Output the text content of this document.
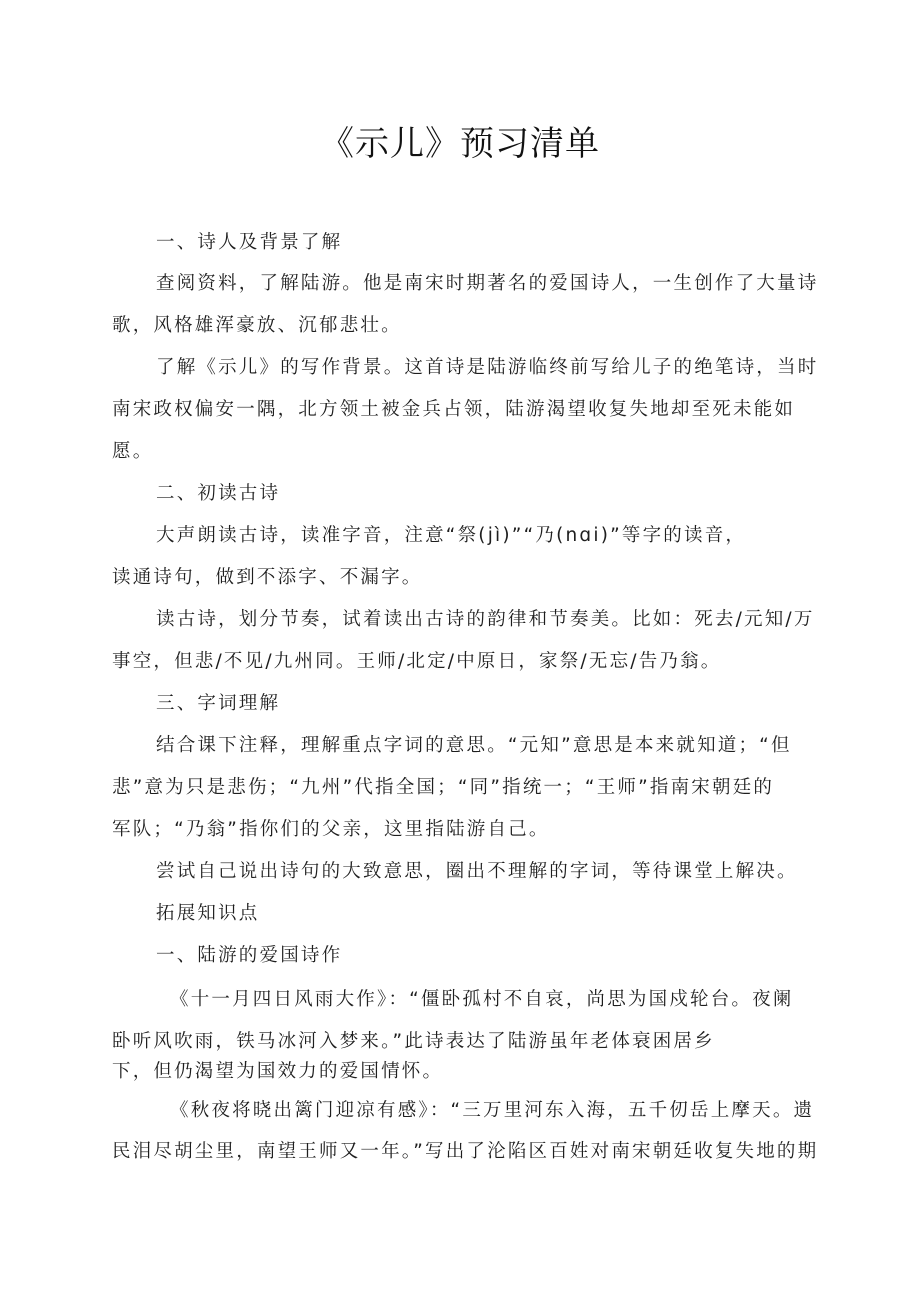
《示儿》预习清单
一、诗人及背景了解
查阅资料，了解陆游。他是南宋时期著名的爱国诗人，一生创作了大量诗
歌，风格雄浑豪放、沉郁悲壮。
了解《示儿》的写作背景。这首诗是陆游临终前写给儿子的绝笔诗，当时
南宋政权偏安一隅，北方领土被金兵占领，陆游渴望收复失地却至死未能如
愿。
二、初读古诗
大声朗读古诗，读准字音，注意“祭(jì)”“乃(nɑi)”等字的读音，
读通诗句，做到不添字、不漏字。
读古诗，划分节奏，试着读出古诗的韵律和节奏美。比如：死去/元知/万
事空，但悲/不见/九州同。王师/北定/中原日，家祭/无忘/告乃翁。
三、字词理解
结合课下注释，理解重点字词的意思。“元知”意思是本来就知道；“但
悲”意为只是悲伤；“九州”代指全国；“同”指统一；“王师”指南宋朝廷的
军队；“乃翁”指你们的父亲，这里指陆游自己。
尝试自己说出诗句的大致意思，圈出不理解的字词，等待课堂上解决。
拓展知识点
一、陆游的爱国诗作
《十一月四日风雨大作》：“僵卧孤村不自哀，尚思为国戍轮台。夜阑
卧听风吹雨，铁马冰河入梦来。”此诗表达了陆游虽年老体衰困居乡
下，但仍渴望为国效力的爱国情怀。
《秋夜将晓出篱门迎凉有感》：“三万里河东入海，五千仞岳上摩天。遗
民泪尽胡尘里，南望王师又一年。”写出了沦陷区百姓对南宋朝廷收复失地的期
